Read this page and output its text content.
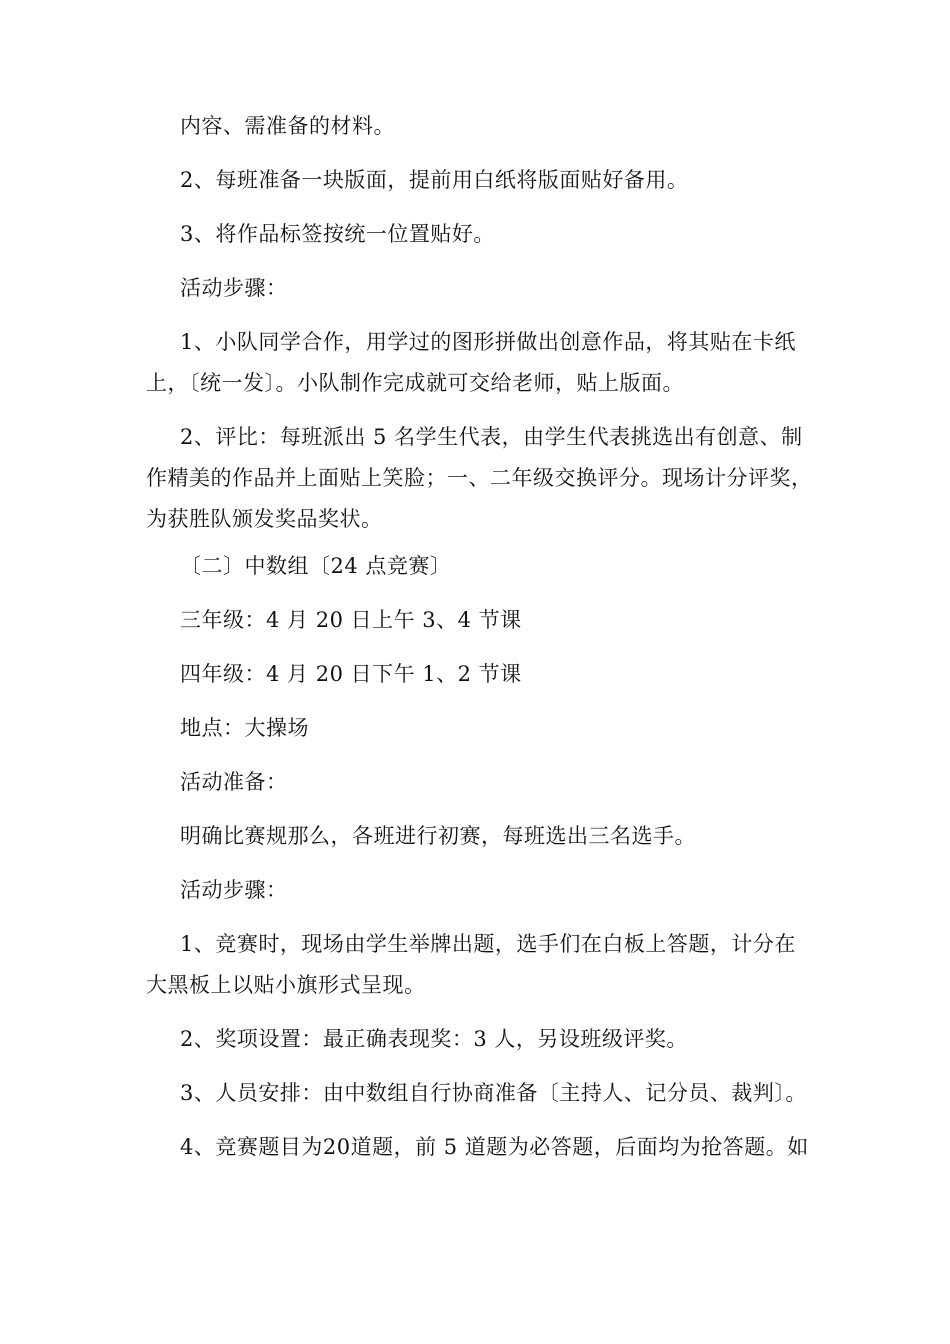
内容、需准备的材料。

2、每班准备一块版面，提前用白纸将版面贴好备用。

3、将作品标签按统一位置贴好。

活动步骤：

1、小队同学合作，用学过的图形拼做出创意作品，将其贴在卡纸
上，〔统一发〕。小队制作完成就可交给老师，贴上版面。

2、评比：每班派出 5 名学生代表，由学生代表挑选出有创意、制
作精美的作品并上面贴上笑脸；一、二年级交换评分。现场计分评奖，
为获胜队颁发奖品奖状。

〔二〕中数组〔24 点竞赛〕

三年级：4 月 20 日上午 3、4 节课

四年级：4 月 20 日下午 1、2 节课

地点：大操场

活动准备：

明确比赛规那么，各班进行初赛，每班选出三名选手。

活动步骤：

1、竞赛时，现场由学生举牌出题，选手们在白板上答题，计分在
大黑板上以贴小旗形式呈现。

2、奖项设置：最正确表现奖：3 人，另设班级评奖。

3、人员安排：由中数组自行协商准备〔主持人、记分员、裁判〕。

4、竞赛题目为20道题，前 5 道题为必答题，后面均为抢答题。如
